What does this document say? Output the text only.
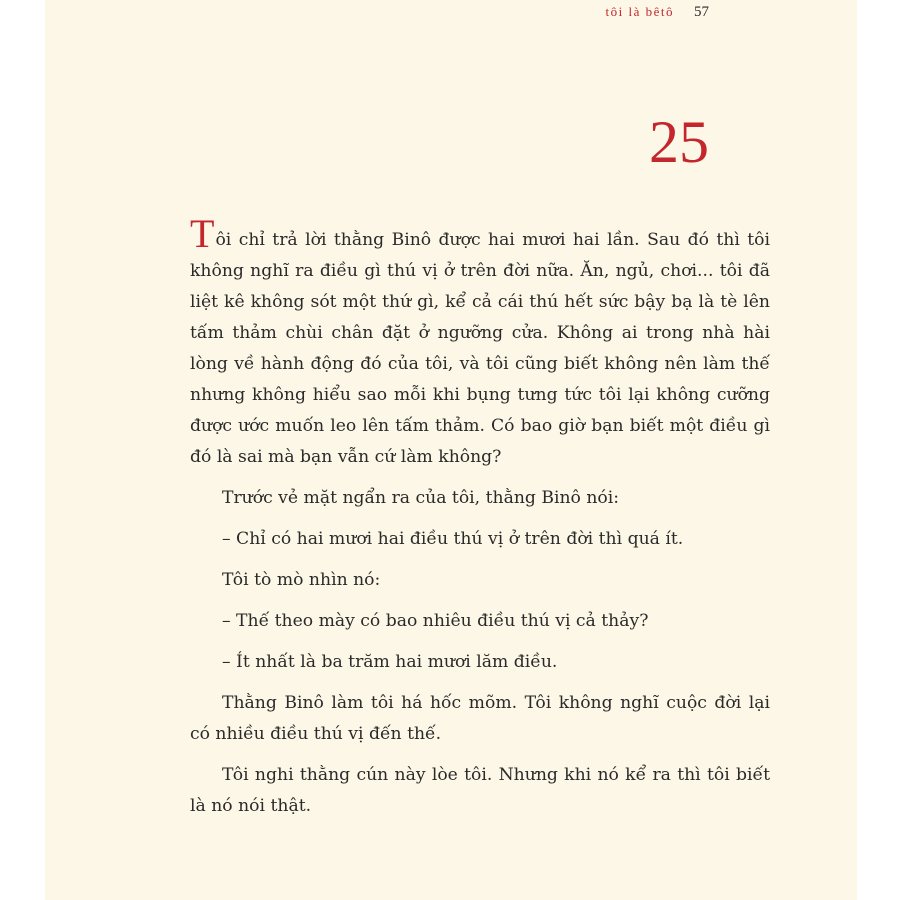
tôi là bêtô 57
25

Tôi chỉ trả lời thằng Binô được hai mươi hai lần. Sau đó thì tôi không nghĩ ra điều gì thú vị ở trên đời nữa. Ăn, ngủ, chơi... tôi đã liệt kê không sót một thứ gì, kể cả cái thú hết sức bậy bạ là tè lên tấm thảm chùi chân đặt ở ngưỡng cửa. Không ai trong nhà hài lòng về hành động đó của tôi, và tôi cũng biết không nên làm thế nhưng không hiểu sao mỗi khi bụng tưng tức tôi lại không cưỡng được ước muốn leo lên tấm thảm. Có bao giờ bạn biết một điều gì đó là sai mà bạn vẫn cứ làm không?

Trước vẻ mặt ngẩn ra của tôi, thằng Binô nói:

– Chỉ có hai mươi hai điều thú vị ở trên đời thì quá ít.

Tôi tò mò nhìn nó:

– Thế theo mày có bao nhiêu điều thú vị cả thảy?

– Ít nhất là ba trăm hai mươi lăm điều.

Thằng Binô làm tôi há hốc mõm. Tôi không nghĩ cuộc đời lại có nhiều điều thú vị đến thế.

Tôi nghi thằng cún này lòe tôi. Nhưng khi nó kể ra thì tôi biết là nó nói thật.
